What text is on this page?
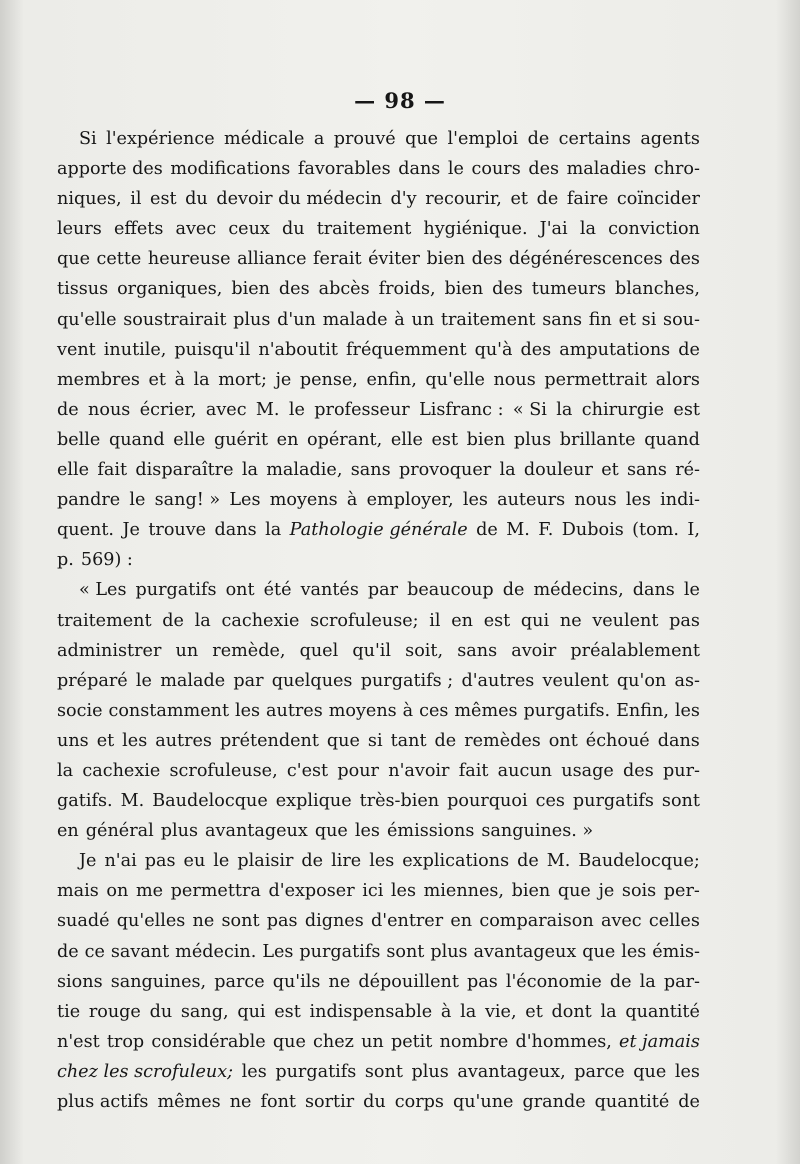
— 98 —
Si l'expérience médicale a prouvé que l'emploi de certains agents
apporte des modifications favorables dans le cours des maladies chro-
niques, il est du devoir du médecin d'y recourir, et de faire coïncider
leurs effets avec ceux du traitement hygiénique. J'ai la conviction
que cette heureuse alliance ferait éviter bien des dégénérescences des
tissus organiques, bien des abcès froids, bien des tumeurs blanches,
qu'elle soustrairait plus d'un malade à un traitement sans fin et si sou-
vent inutile, puisqu'il n'aboutit fréquemment qu'à des amputations de
membres et à la mort; je pense, enfin, qu'elle nous permettrait alors
de nous écrier, avec M. le professeur Lisfranc : « Si la chirurgie est
belle quand elle guérit en opérant, elle est bien plus brillante quand
elle fait disparaître la maladie, sans provoquer la douleur et sans ré-
pandre le sang! » Les moyens à employer, les auteurs nous les indi-
quent. Je trouve dans la Pathologie générale de M. F. Dubois (tom. I,
p. 569) :
« Les purgatifs ont été vantés par beaucoup de médecins, dans le
traitement de la cachexie scrofuleuse; il en est qui ne veulent pas
administrer un remède, quel qu'il soit, sans avoir préalablement
préparé le malade par quelques purgatifs ; d'autres veulent qu'on as-
socie constamment les autres moyens à ces mêmes purgatifs. Enfin, les
uns et les autres prétendent que si tant de remèdes ont échoué dans
la cachexie scrofuleuse, c'est pour n'avoir fait aucun usage des pur-
gatifs. M. Baudelocque explique très-bien pourquoi ces purgatifs sont
en général plus avantageux que les émissions sanguines. »
Je n'ai pas eu le plaisir de lire les explications de M. Baudelocque;
mais on me permettra d'exposer ici les miennes, bien que je sois per-
suadé qu'elles ne sont pas dignes d'entrer en comparaison avec celles
de ce savant médecin. Les purgatifs sont plus avantageux que les émis-
sions sanguines, parce qu'ils ne dépouillent pas l'économie de la par-
tie rouge du sang, qui est indispensable à la vie, et dont la quantité
n'est trop considérable que chez un petit nombre d'hommes, et jamais
chez les scrofuleux; les purgatifs sont plus avantageux, parce que les
plus actifs mêmes ne font sortir du corps qu'une grande quantité de
